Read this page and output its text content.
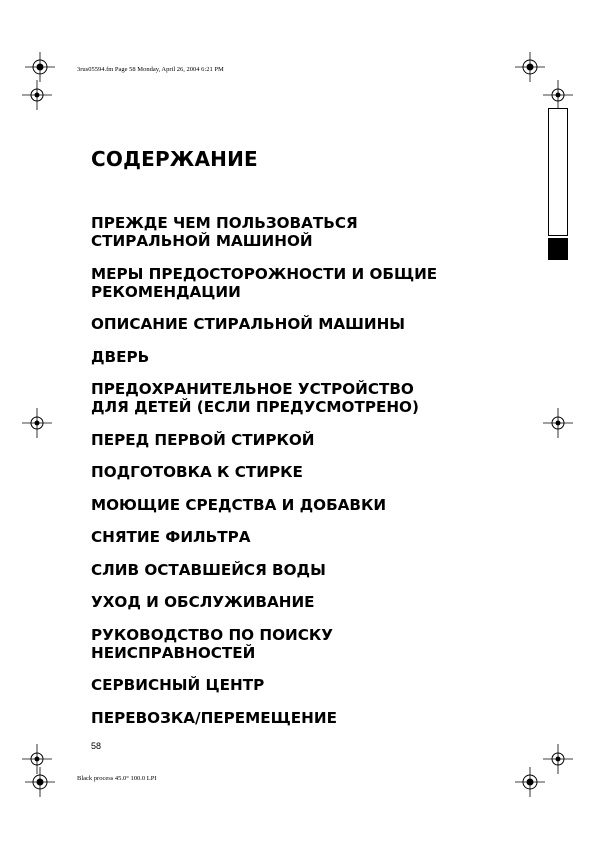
3rus05594.fm Page 58 Monday, April 26, 2004 6:21 PM
СОДЕРЖАНИЕ
ПРЕЖДЕ ЧЕМ ПОЛЬЗОВАТЬСЯ
СТИРАЛЬНОЙ МАШИНОЙ
МЕРЫ ПРЕДОСТОРОЖНОСТИ И ОБЩИЕ
РЕКОМЕНДАЦИИ
ОПИСАНИЕ СТИРАЛЬНОЙ МАШИНЫ
ДВЕРЬ
ПРЕДОХРАНИТЕЛЬНОЕ УСТРОЙСТВО
ДЛЯ ДЕТЕЙ (ЕСЛИ ПРЕДУСМОТРЕНО)
ПЕРЕД ПЕРВОЙ СТИРКОЙ
ПОДГОТОВКА К СТИРКЕ
МОЮЩИЕ СРЕДСТВА И ДОБАВКИ
СНЯТИЕ ФИЛЬТРА
СЛИВ ОСТАВШЕЙСЯ ВОДЫ
УХОД И ОБСЛУЖИВАНИЕ
РУКОВОДСТВО ПО ПОИСКУ
НЕИСПРАВНОСТЕЙ
СЕРВИСНЫЙ ЦЕНТР
ПЕРЕВОЗКА/ПЕРЕМЕЩЕНИЕ
58
Black process 45.0° 100.0 LPI
